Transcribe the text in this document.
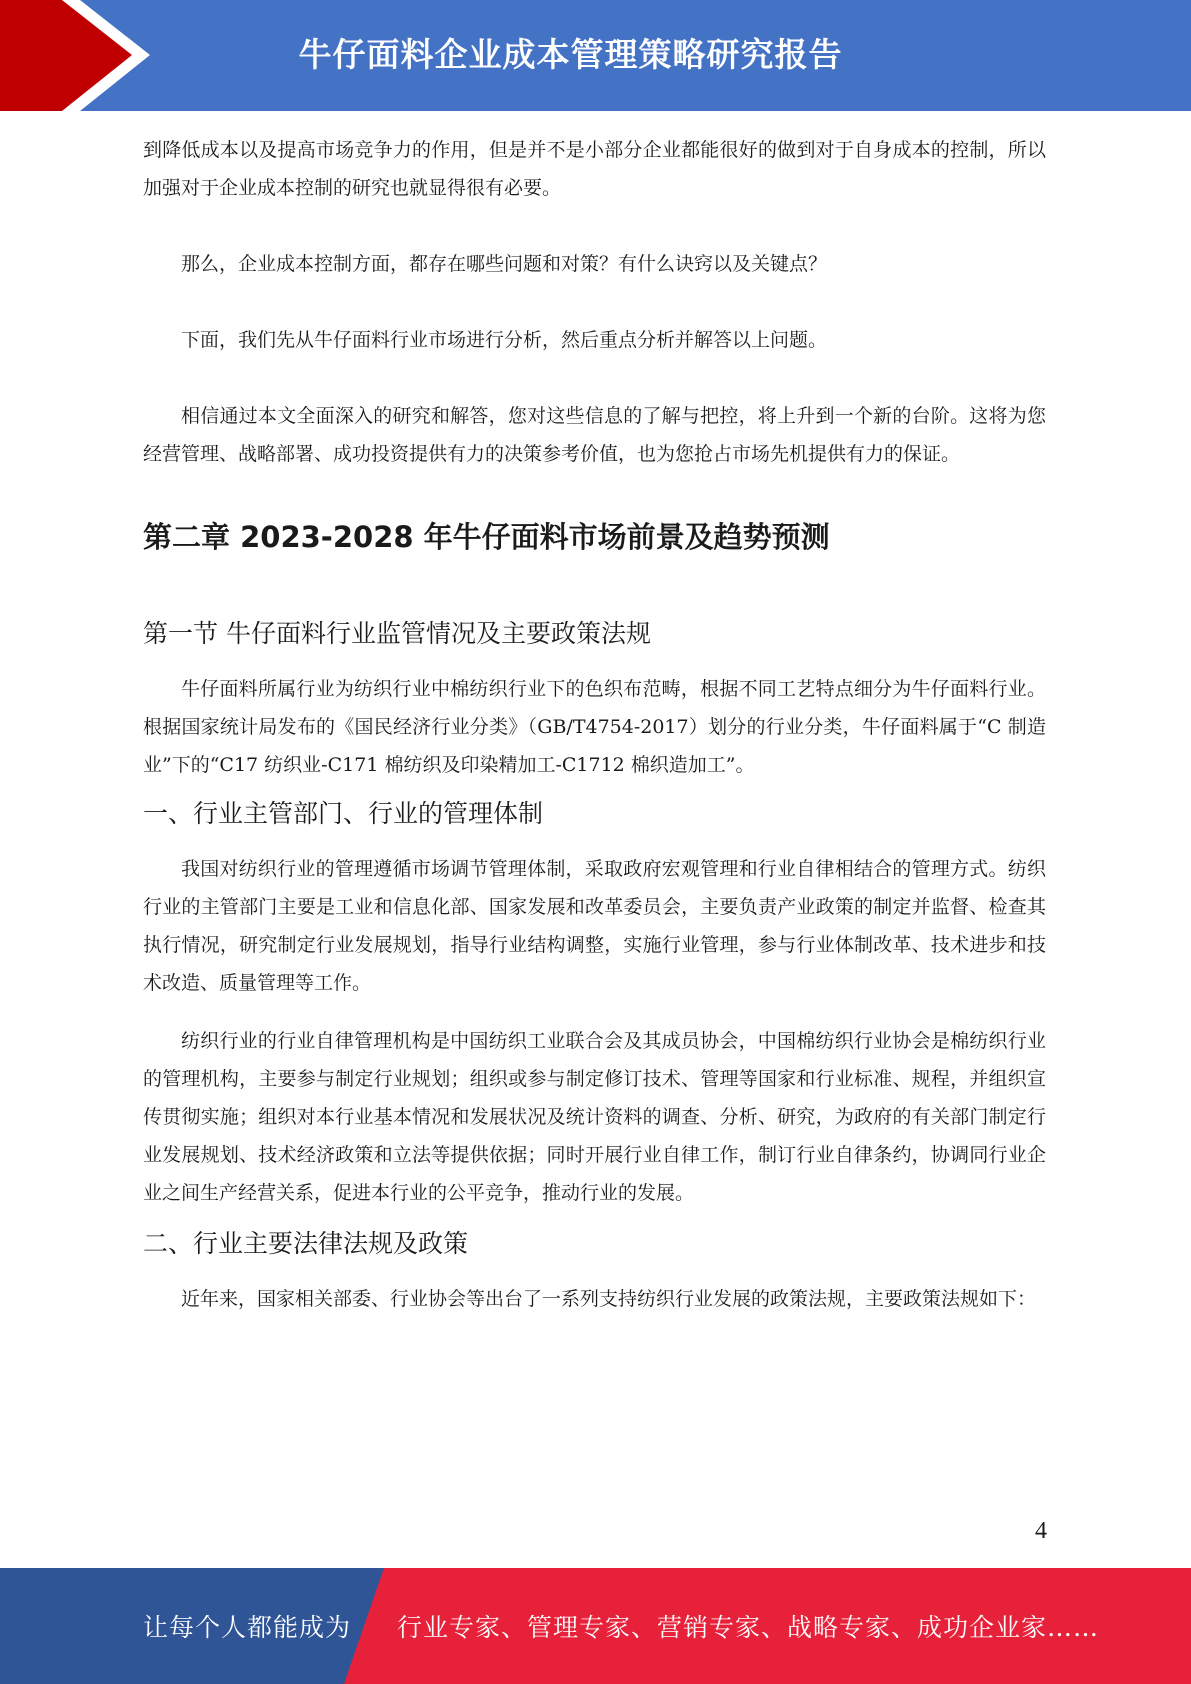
牛仔面料企业成本管理策略研究报告

到降低成本以及提高市场竞争力的作用，但是并不是小部分企业都能很好的做到对于自身成本的控制，所以加强对于企业成本控制的研究也就显得很有必要。

那么，企业成本控制方面，都存在哪些问题和对策？有什么诀窍以及关键点？

下面，我们先从牛仔面料行业市场进行分析，然后重点分析并解答以上问题。

相信通过本文全面深入的研究和解答，您对这些信息的了解与把控，将上升到一个新的台阶。这将为您经营管理、战略部署、成功投资提供有力的决策参考价值，也为您抢占市场先机提供有力的保证。

第二章 2023-2028 年牛仔面料市场前景及趋势预测
第一节 牛仔面料行业监管情况及主要政策法规

牛仔面料所属行业为纺织行业中棉纺织行业下的色织布范畴，根据不同工艺特点细分为牛仔面料行业。根据国家统计局发布的《国民经济行业分类》（GB/T4754-2017）划分的行业分类，牛仔面料属于“C 制造业”下的“C17 纺织业-C171 棉纺织及印染精加工-C1712 棉织造加工”。

一、行业主管部门、行业的管理体制

我国对纺织行业的管理遵循市场调节管理体制，采取政府宏观管理和行业自律相结合的管理方式。纺织行业的主管部门主要是工业和信息化部、国家发展和改革委员会，主要负责产业政策的制定并监督、检查其执行情况，研究制定行业发展规划，指导行业结构调整，实施行业管理，参与行业体制改革、技术进步和技术改造、质量管理等工作。

纺织行业的行业自律管理机构是中国纺织工业联合会及其成员协会，中国棉纺织行业协会是棉纺织行业的管理机构，主要参与制定行业规划；组织或参与制定修订技术、管理等国家和行业标准、规程，并组织宣传贯彻实施；组织对本行业基本情况和发展状况及统计资料的调查、分析、研究，为政府的有关部门制定行业发展规划、技术经济政策和立法等提供依据；同时开展行业自律工作，制订行业自律条约，协调同行业企业之间生产经营关系，促进本行业的公平竞争，推动行业的发展。

二、行业主要法律法规及政策

近年来，国家相关部委、行业协会等出台了一系列支持纺织行业发展的政策法规，主要政策法规如下：

4
让每个人都能成为 行业专家、管理专家、营销专家、战略专家、成功企业家……
